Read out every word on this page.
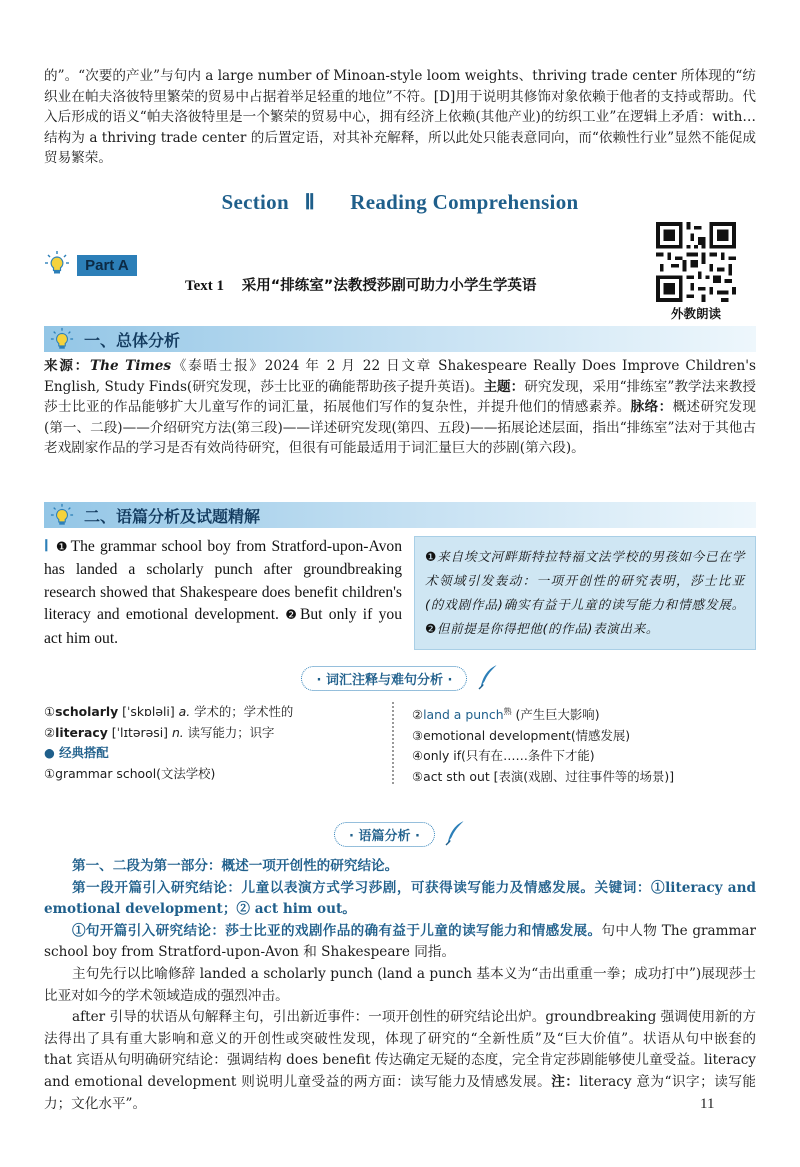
的”。“次要的产业”与句内 a large number of Minoan-style loom weights、thriving trade center 所体现的“纺织业在帕夫洛彼特里繁荣的贸易中占据着举足轻重的地位”不符。[D]用于说明其修饰对象依赖于他者的支持或帮助。代入后形成的语义“帕夫洛彼特里是一个繁荣的贸易中心，拥有经济上依赖(其他产业)的纺织工业”在逻辑上矛盾：with…结构为 a thriving trade center 的后置定语，对其补充解释，所以此处只能表意同向，而“依赖性行业”显然不能促成贸易繁荣。
Section Ⅱ Reading Comprehension
Part A
Text 1 采用“排练室”法教授莎剧可助力小学生学英语
外教朗读
一、总体分析
来源：The Times《泰晤士报》2024 年 2 月 22 日文章 Shakespeare Really Does Improve Children's English, Study Finds(研究发现，莎士比亚的确能帮助孩子提升英语)。主题：研究发现，采用“排练室”教学法来教授莎士比亚的作品能够扩大儿童写作的词汇量，拓展他们写作的复杂性，并提升他们的情感素养。脉络：概述研究发现(第一、二段)——介绍研究方法(第三段)——详述研究发现(第四、五段)——拓展论述层面，指出“排练室”法对于其他古老戏剧家作品的学习是否有效尚待研究，但很有可能最适用于词汇量巨大的莎剧(第六段)。
二、语篇分析及试题精解
Ⅰ ❶ The grammar school boy from Stratford-upon-Avon has landed a scholarly punch after groundbreaking research showed that Shakespeare does benefit children's literacy and emotional development. ❷ But only if you act him out.
❶来自埃文河畔斯特拉特福文法学校的男孩如今已在学术领域引发轰动：一项开创性的研究表明，莎士比亚(的戏剧作品)确实有益于儿童的读写能力和情感发展。❷但前提是你得把他(的作品)表演出来。
· 词汇注释与难句分析 ·
①scholarly [ˈskɒləli] a. 学术的；学术性的
②literacy [ˈlɪtərəsi] n. 读写能力；识字
● 经典搭配
①grammar school(文法学校)
②land a punch$^熟$ (产生巨大影响)
③emotional development(情感发展)
④only if(只有在……条件下才能)
⑤act sth out [表演(戏剧、过往事件等的场景)]
· 语篇分析 ·

第一、二段为第一部分：概述一项开创性的研究结论。

第一段开篇引入研究结论：儿童以表演方式学习莎剧，可获得读写能力及情感发展。关键词：①literacy and emotional development；② act him out。

①句开篇引入研究结论：莎士比亚的戏剧作品的确有益于儿童的读写能力和情感发展。句中人物 The grammar school boy from Stratford-upon-Avon 和 Shakespeare 同指。

主句先行以比喻修辞 landed a scholarly punch (land a punch 基本义为“击出重重一拳；成功打中”)展现莎士比亚对如今的学术领域造成的强烈冲击。

after 引导的状语从句解释主句，引出新近事件：一项开创性的研究结论出炉。groundbreaking 强调使用新的方法得出了具有重大影响和意义的开创性或突破性发现，体现了研究的“全新性质”及“巨大价值”。状语从句中嵌套的 that 宾语从句明确研究结论：强调结构 does benefit 传达确定无疑的态度，完全肯定莎剧能够使儿童受益。literacy and emotional development 则说明儿童受益的两方面：读写能力及情感发展。注：literacy 意为“识字；读写能力；文化水平”。	11
